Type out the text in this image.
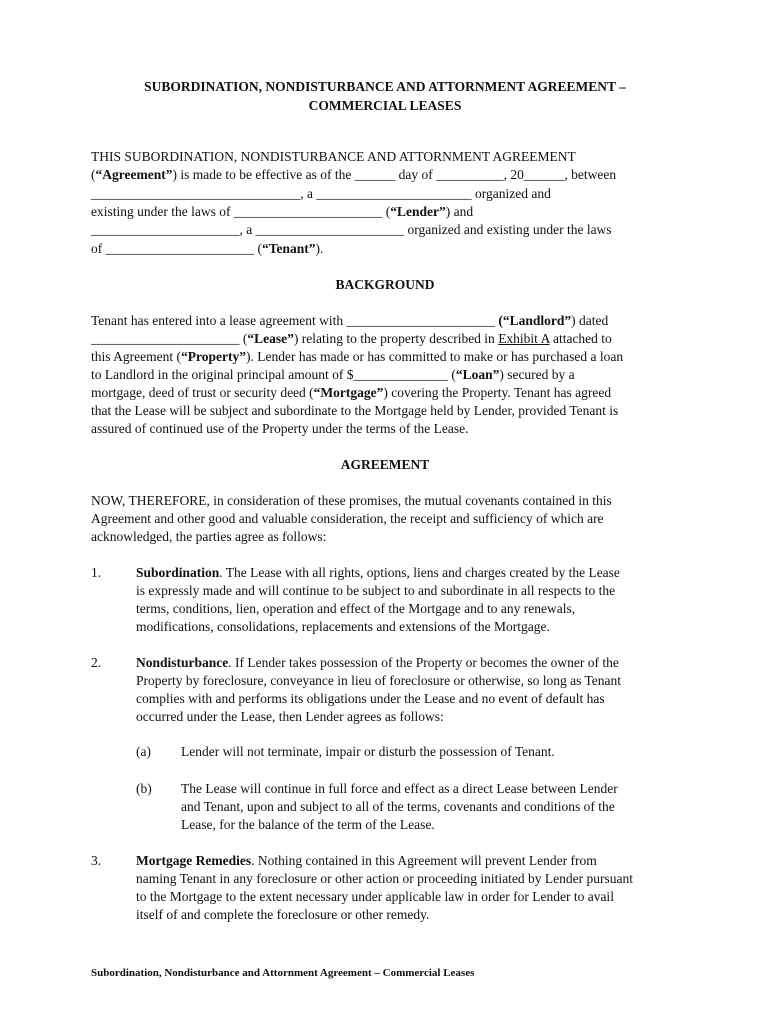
SUBORDINATION, NONDISTURBANCE AND ATTORNMENT AGREEMENT –
COMMERCIAL LEASES
THIS SUBORDINATION, NONDISTURBANCE AND ATTORNMENT AGREEMENT
(“Agreement”) is made to be effective as of the ______ day of __________, 20______, between
_______________________________, a _______________________ organized and
existing under the laws of ______________________ (“Lender”) and
______________________, a ______________________ organized and existing under the laws
of ______________________ (“Tenant”).
BACKGROUND
Tenant has entered into a lease agreement with ______________________ (“Landlord”) dated
______________________ (“Lease”) relating to the property described in Exhibit A attached to
this Agreement (“Property”). Lender has made or has committed to make or has purchased a loan
to Landlord in the original principal amount of $______________ (“Loan”) secured by a
mortgage, deed of trust or security deed (“Mortgage”) covering the Property. Tenant has agreed
that the Lease will be subject and subordinate to the Mortgage held by Lender, provided Tenant is
assured of continued use of the Property under the terms of the Lease.
AGREEMENT
NOW, THEREFORE, in consideration of these promises, the mutual covenants contained in this
Agreement and other good and valuable consideration, the receipt and sufficiency of which are
acknowledged, the parties agree as follows:
1.	Subordination. The Lease with all rights, options, liens and charges created by the Lease
is expressly made and will continue to be subject to and subordinate in all respects to the
terms, conditions, lien, operation and effect of the Mortgage and to any renewals,
modifications, consolidations, replacements and extensions of the Mortgage.
2.	Nondisturbance. If Lender takes possession of the Property or becomes the owner of the
Property by foreclosure, conveyance in lieu of foreclosure or otherwise, so long as Tenant
complies with and performs its obligations under the Lease and no event of default has
occurred under the Lease, then Lender agrees as follows:
(a) Lender will not terminate, impair or disturb the possession of Tenant.
(b) The Lease will continue in full force and effect as a direct Lease between Lender
and Tenant, upon and subject to all of the terms, covenants and conditions of the
Lease, for the balance of the term of the Lease.
3.	Mortgage Remedies. Nothing contained in this Agreement will prevent Lender from
naming Tenant in any foreclosure or other action or proceeding initiated by Lender pursuant
to the Mortgage to the extent necessary under applicable law in order for Lender to avail
itself of and complete the foreclosure or other remedy.
Subordination, Nondisturbance and Attornment Agreement – Commercial Leases
